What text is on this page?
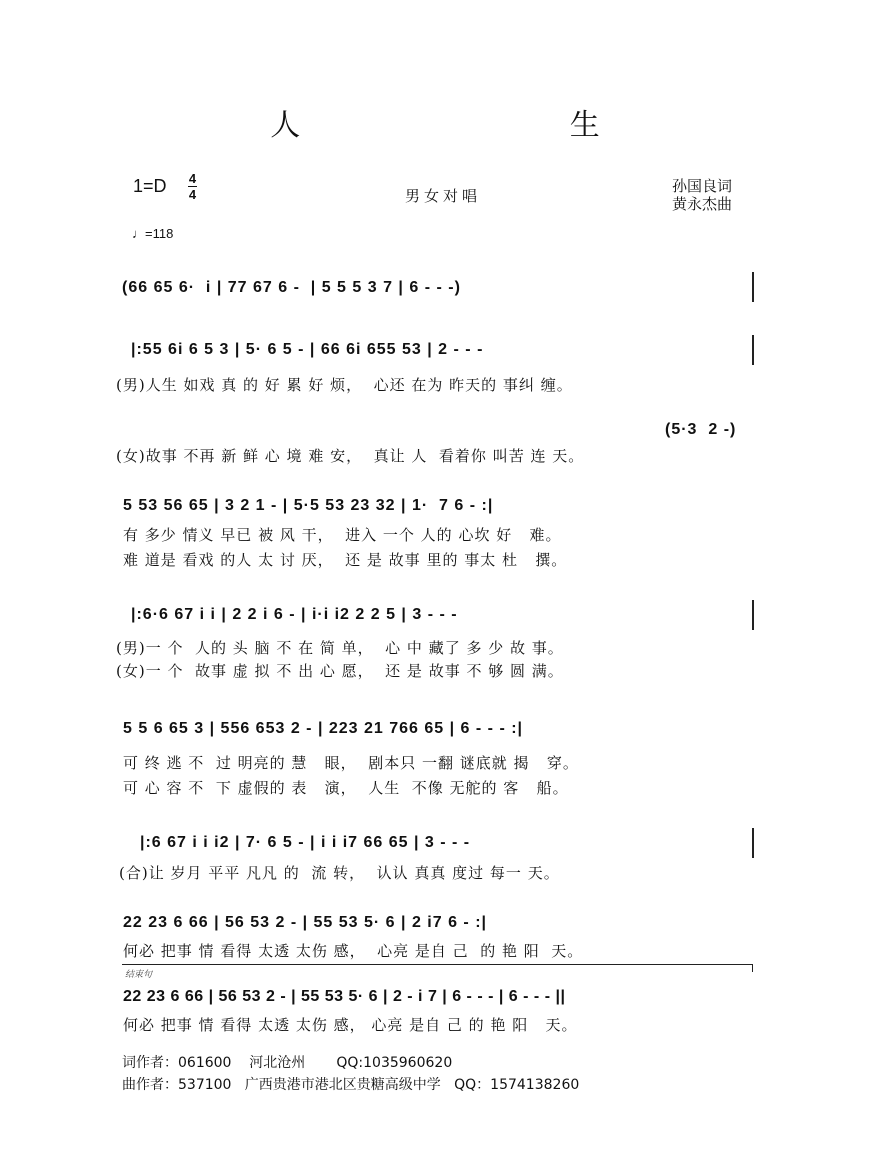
人 生
1=D 4
4	男女对唱
孙国良词
黄永杰曲
♩=118
(66 65 6·  i | 77 67 6 -  | 5 5 5 3 7 | 6 - - -)
|:55 6i 6 5 3 | 5· 6 5 - | 66 6i 655 53 | 2 - - -
(男)人生 如戏 真 的 好 累 好 烦，  心还 在为 昨天的 事纠 缠。
(5·3  2 -)
(女)故事 不再 新 鲜 心 境 难 安，  真让 人  看着你 叫苦 连 天。
5 53 56 65 | 3 2 1 - | 5·5 53 23 32 | 1·  7 6 - :|
有 多少 情义 早已 被 风 干，  进入 一个 人的 心坎 好   难。
难 道是 看戏 的人 太 讨 厌，  还 是 故事 里的 事太 杜   撰。
|:6·6 67 i i | 2 2 i 6 - | i·i i2 2 2 5 | 3 - - -
(男)一 个  人的 头 脑 不 在 简 单，  心 中 藏了 多 少 故 事。
(女)一 个  故事 虚 拟 不 出 心 愿，  还 是 故事 不 够 圆 满。
5 5 6 65 3 | 556 653 2 - | 223 21 766 65 | 6 - - - :|
可 终 逃 不  过 明亮的 慧   眼，  剧本只 一翻 谜底就 揭   穿。
可 心 容 不  下 虚假的 表   演，  人生  不像 无舵的 客   船。
|:6 67 i i i2 | 7· 6 5 - | i i i7 66 65 | 3 - - -
(合)让 岁月 平平 凡凡 的  流 转，  认认 真真 度过 每一 天。
22 23 6 66 | 56 53 2 - | 55 53 5· 6 | 2 i7 6 - :|
何必 把事 情 看得 太透 太伤 感，  心亮 是自 己  的 艳 阳  天。
结束句
22 23 6 66 | 56 53 2 - | 55 53 5· 6 | 2 - i 7 | 6 - - - | 6 - - - ||
何必 把事 情 看得 太透 太伤 感， 心亮 是自 己 的 艳 阳   天。
词作者：061600    河北沧州       QQ:1035960620
曲作者：537100   广西贵港市港北区贵糖高级中学   QQ：1574138260
